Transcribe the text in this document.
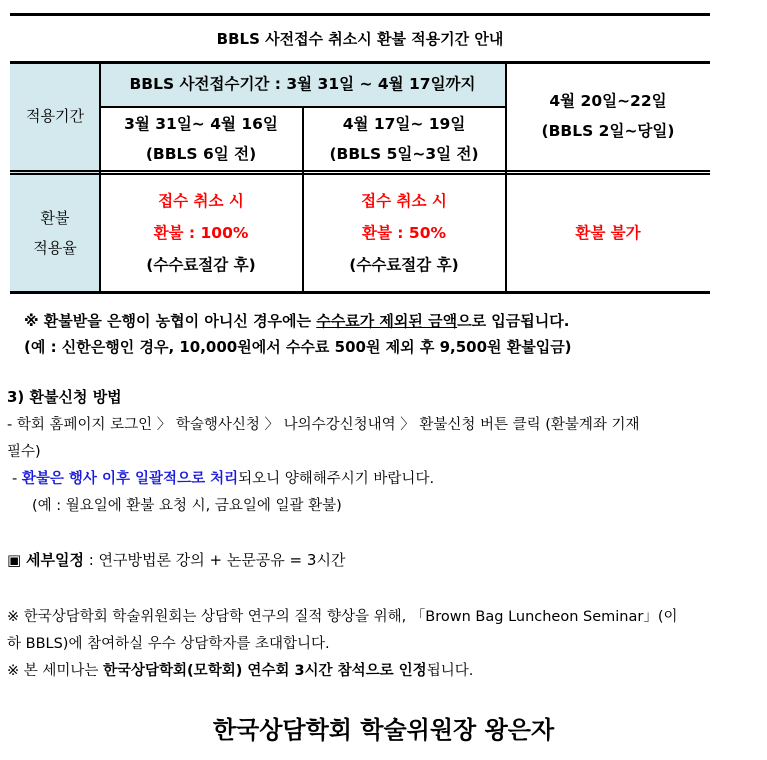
BBLS 사전접수 취소시 환불 적용기간 안내
적용기간
BBLS 사전접수기간 : 3월 31일 ~ 4월 17일까지
3월 31일~ 4월 16일
(BBLS 6일 전)
4월 17일~ 19일
(BBLS 5일~3일 전)
4월 20일~22일
(BBLS 2일~당일)
환불
적용율
접수 취소 시
환불 : 100%
(수수료절감 후)
접수 취소 시
환불 : 50%
(수수료절감 후)
환불 불가
※ 환불받을 은행이 농협이 아니신 경우에는 수수료가 제외된 금액으로 입금됩니다.
(예 : 신한은행인 경우, 10,000원에서 수수료 500원 제외 후 9,500원 환불입금)
3) 환불신청 방법
- 학회 홈페이지 로그인 〉 학술행사신청 〉 나의수강신청내역 〉 환불신청 버튼 클릭 (환불계좌 기재
필수)
- 환불은 행사 이후 일괄적으로 처리되오니 양해해주시기 바랍니다.
(예 : 월요일에 환불 요청 시, 금요일에 일괄 환불)
▣ 세부일정 : 연구방법론 강의 + 논문공유 = 3시간
※ 한국상담학회 학술위원회는 상담학 연구의 질적 향상을 위해, 「Brown Bag Luncheon Seminar」(이
하 BBLS)에 참여하실 우수 상담학자를 초대합니다.
※ 본 세미나는 한국상담학회(모학회) 연수회 3시간 참석으로 인정됩니다.
한국상담학회 학술위원장 왕은자
